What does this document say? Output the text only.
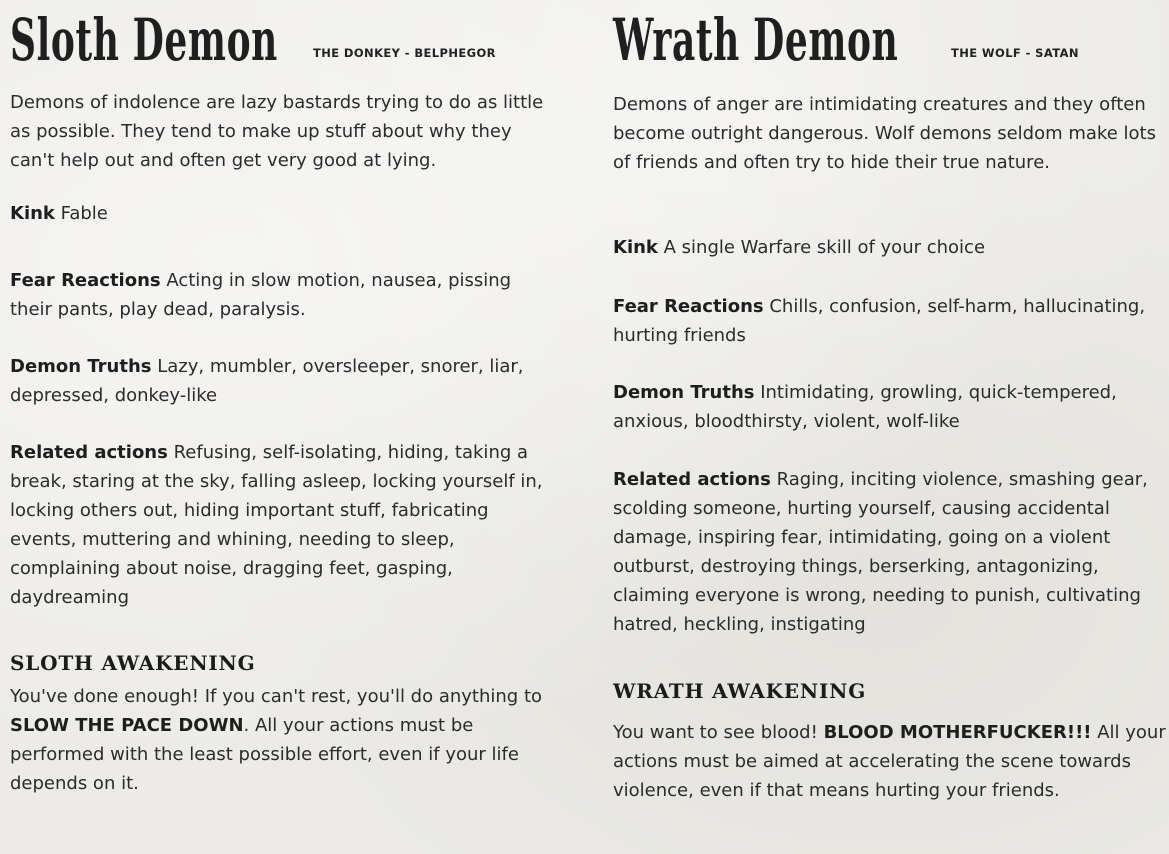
Sloth Demon	THE DONKEY - BELPHEGOR

Demons of indolence are lazy bastards trying to do as little as possible. They tend to make up stuff about why they can't help out and often get very good at lying.

Kink Fable

Fear Reactions Acting in slow motion, nausea, pissing their pants, play dead, paralysis.

Demon Truths Lazy, mumbler, oversleeper, snorer, liar, depressed, donkey-like

Related actions Refusing, self-isolating, hiding, taking a break, staring at the sky, falling asleep, locking yourself in, locking others out, hiding important stuff, fabricating events, muttering and whining, needing to sleep, complaining about noise, dragging feet, gasping, daydreaming

SLOTH AWAKENING

You've done enough! If you can't rest, you'll do anything to SLOW THE PACE DOWN. All your actions must be performed with the least possible effort, even if your life depends on it.

Wrath Demon	THE WOLF - SATAN

Demons of anger are intimidating creatures and they often become outright dangerous. Wolf demons seldom make lots of friends and often try to hide their true nature.

Kink A single Warfare skill of your choice

Fear Reactions Chills, confusion, self-harm, hallucinating, hurting friends

Demon Truths Intimidating, growling, quick-tempered, anxious, bloodthirsty, violent, wolf-like

Related actions Raging, inciting violence, smashing gear, scolding someone, hurting yourself, causing accidental damage, inspiring fear, intimidating, going on a violent outburst, destroying things, berserking, antagonizing, claiming everyone is wrong, needing to punish, cultivating hatred, heckling, instigating

WRATH AWAKENING

You want to see blood! BLOOD MOTHERFUCKER!!! All your actions must be aimed at accelerating the scene towards violence, even if that means hurting your friends.
